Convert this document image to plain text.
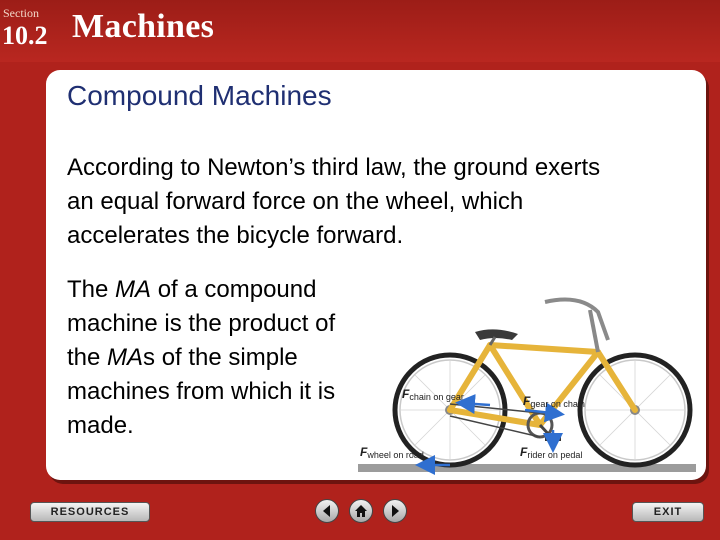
Section
10.2 Machines
Compound Machines
According to Newton’s third law, the ground exerts an equal forward force on the wheel, which accelerates the bicycle forward.
The MA of a compound machine is the product of the MAs of the simple machines from which it is made.
Fchain on gear	Fgear on chain
Fwheel on road	Frider on pedal
RESOURCES	EXIT
